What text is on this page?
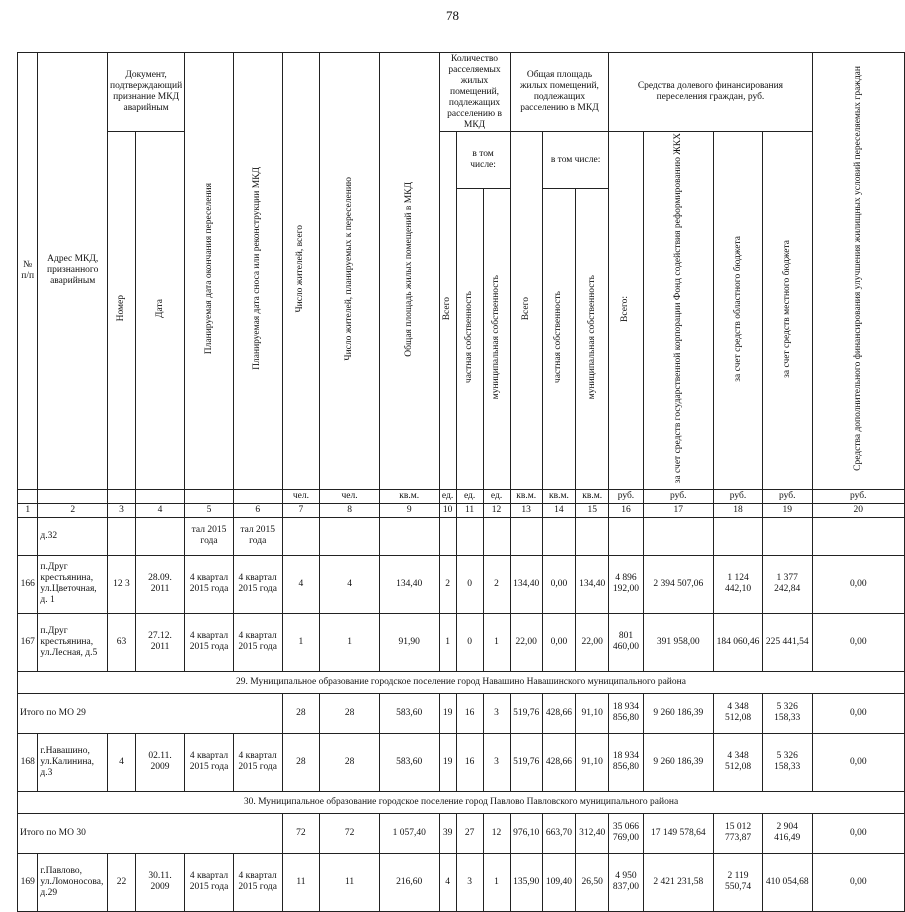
78
№ п/п	Адрес МКД, признанного аварийным	Документ, подтверждающий признание МКД аварийным		Планируемая дата окончания переселения	Планируемая дата сноса или реконструкции МКД	Число жителей, всего	Число жителей, планируемых к переселению	Общая площадь жилых помещений в МКД	Количество расселяемых жилых помещений, подлежащих расселению в МКД			Общая площадь жилых помещений, подлежащих расселению в МКД			Средства долевого финансирования переселения граждан, руб.				Средства дополнительного финансирования улучшения жилищных условий переселяемых граждан
		Номер	Дата						Всего	в том числе:		Всего	в том числе:		Всего:	за счет средств государственной корпорации Фонд содействия реформированию ЖКХ	за счет средств областного бюджета	за счет средств местного бюджета	
										частная собственность	муниципальная собственность		частная собственность	муниципальная собственность					
						чел.	чел.	кв.м.	ед.	ед.	ед.	кв.м.	кв.м.	кв.м.	руб.	руб.	руб.	руб.	руб.
1	2	3	4	5	6	7	8	9	10	11	12	13	14	15	16	17	18	19	20
	д.32			тал 2015 года	тал 2015 года														
166	п.Друг крестьянина, ул.Цветочная, д. 1	12 3	28.09. 2011	4 квартал 2015 года	4 квартал 2015 года	4	4	134,40	2	0	2	134,40	0,00	134,40	4 896 192,00	2 394 507,06	1 124 442,10	1 377 242,84	0,00
167	п.Друг крестьянина, ул.Лесная, д.5	63	27.12. 2011	4 квартал 2015 года	4 квартал 2015 года	1	1	91,90	1	0	1	22,00	0,00	22,00	801 460,00	391 958,00	184 060,46	225 441,54	0,00
29. Муниципальное образование городское поселение город Навашино Навашинского муниципального района																			
Итого по МО 29						28	28	583,60	19	16	3	519,76	428,66	91,10	18 934 856,80	9 260 186,39	4 348 512,08	5 326 158,33	0,00
168	г.Навашино, ул.Калинина, д.3	4	02.11. 2009	4 квартал 2015 года	4 квартал 2015 года	28	28	583,60	19	16	3	519,76	428,66	91,10	18 934 856,80	9 260 186,39	4 348 512,08	5 326 158,33	0,00
30. Муниципальное образование городское поселение город Павлово Павловского муниципального района																			
Итого по МО 30						72	72	1 057,40	39	27	12	976,10	663,70	312,40	35 066 769,00	17 149 578,64	15 012 773,87	2 904 416,49	0,00
169	г.Павлово, ул.Ломоносова, д.29	22	30.11. 2009	4 квартал 2015 года	4 квартал 2015 года	11	11	216,60	4	3	1	135,90	109,40	26,50	4 950 837,00	2 421 231,58	2 119 550,74	410 054,68	0,00
